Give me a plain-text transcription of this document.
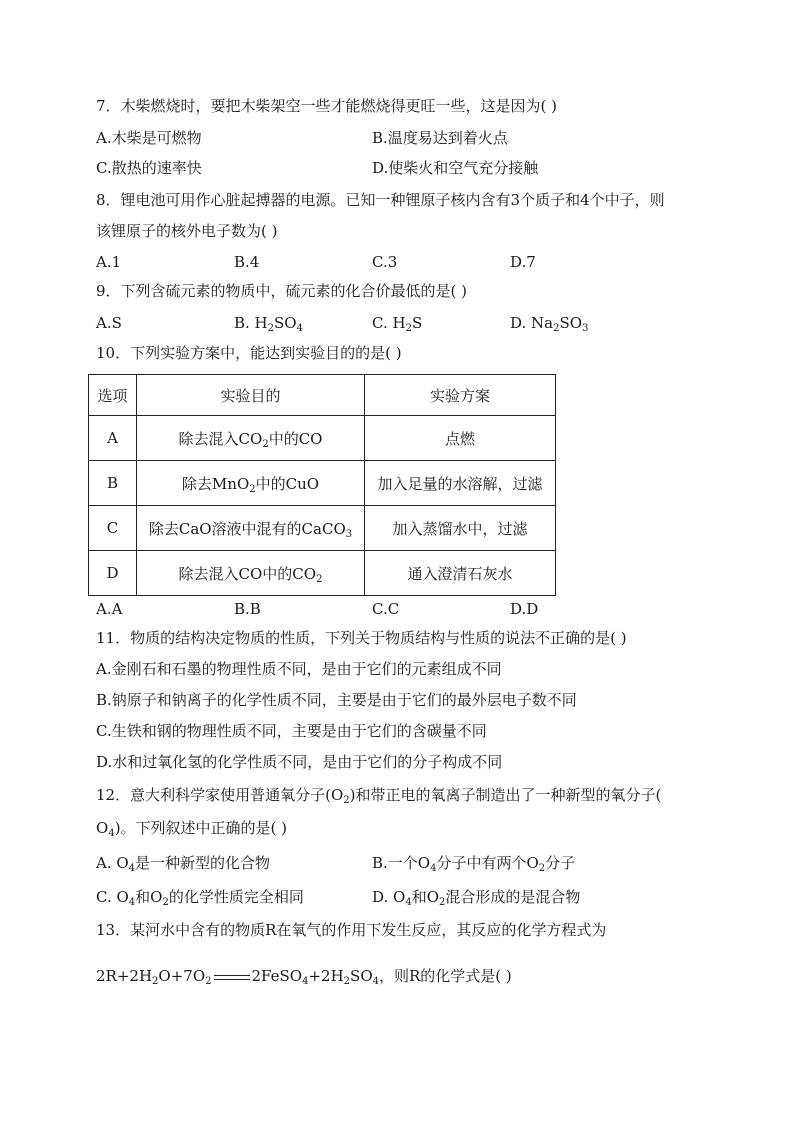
7．木柴燃烧时，要把木柴架空一些才能燃烧得更旺一些，这是因为( )
A.木柴是可燃物	B.温度易达到着火点
C.散热的速率快	D.使柴火和空气充分接触
8．锂电池可用作心脏起搏器的电源。已知一种锂原子核内含有3个质子和4个中子，则
该锂原子的核外电子数为( )
A.1	B.4	C.3	D.7
9．下列含硫元素的物质中，硫元素的化合价最低的是( )
A.S	B. $H_2SO_4$	C. $H_2S$	D. $Na_2SO_3$
10．下列实验方案中，能达到实验目的的是( )
选项	实验目的	实验方案
A	除去混入$CO_2$中的CO	点燃
B	除去MnO$_2$中的CuO	加入足量的水溶解，过滤
C	除去CaO溶液中混有的CaCO$_3$	加入蒸馏水中，过滤
D	除去混入CO中的$CO_2$	通入澄清石灰水
A.A	B.B	C.C	D.D
11．物质的结构决定物质的性质，下列关于物质结构与性质的说法不正确的是( )
A.金刚石和石墨的物理性质不同，是由于它们的元素组成不同
B.钠原子和钠离子的化学性质不同，主要是由于它们的最外层电子数不同
C.生铁和钢的物理性质不同，主要是由于它们的含碳量不同
D.水和过氧化氢的化学性质不同，是由于它们的分子构成不同
12．意大利科学家使用普通氧分子$(O_2)$和带正电的氧离子制造出了一种新型的氧分子(
$O_4$)。下列叙述中正确的是( )
A. $O_4$是一种新型的化合物	B.一个$O_4$分子中有两个$O_2$分子
C. $O_4$和$O_2$的化学性质完全相同	D. $O_4$和$O_2$混合形成的是混合物
13．某河水中含有的物质R在氧气的作用下发生反应，其反应的化学方程式为
$2R+2H_2O+7O_2$	$2FeSO_4+2H_2SO_4$，则R的化学式是( )
